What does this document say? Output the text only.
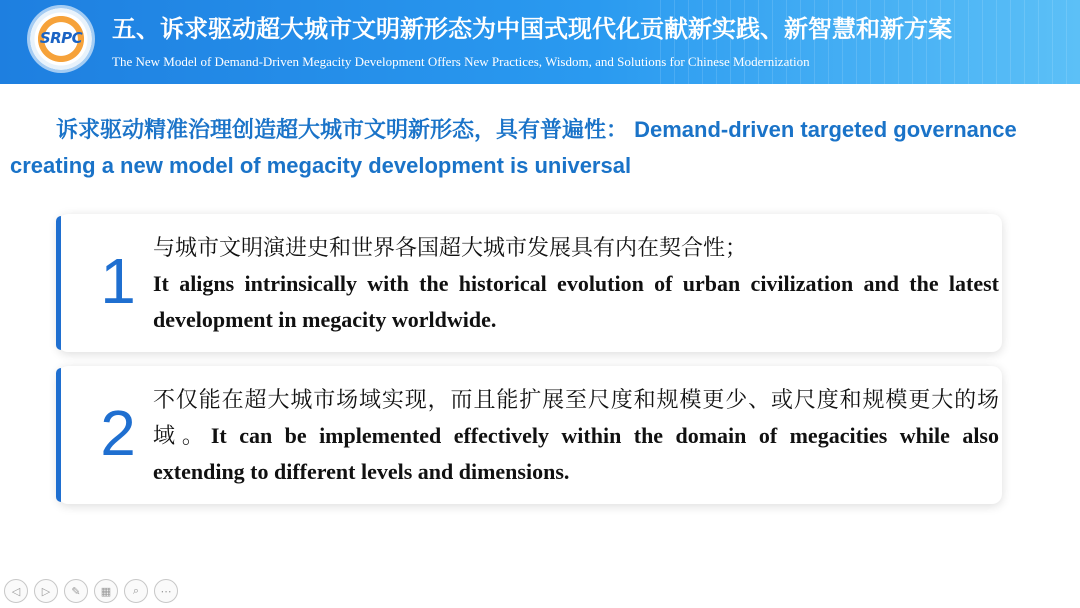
SRPC	五、诉求驱动超大城市文明新形态为中国式现代化贡献新实践、新智慧和新方案
The New Model of Demand-Driven Megacity Development Offers New Practices, Wisdom, and Solutions for Chinese Modernization
诉求驱动精准治理创造超大城市文明新形态，具有普遍性： Demand-driven targeted governance creating a new model of megacity development is universal
1 与城市文明演进史和世界各国超大城市发展具有内在契合性；
It aligns intrinsically with the historical evolution of urban civilization and the latest development in megacity worldwide.
2 不仅能在超大城市场域实现，而且能扩展至尺度和规模更少、或尺度和规模更大的场域。It can be implemented effectively within the domain of megacities while also extending to different levels and dimensions.
◁	▷	✎	▦	⌕	⋯
